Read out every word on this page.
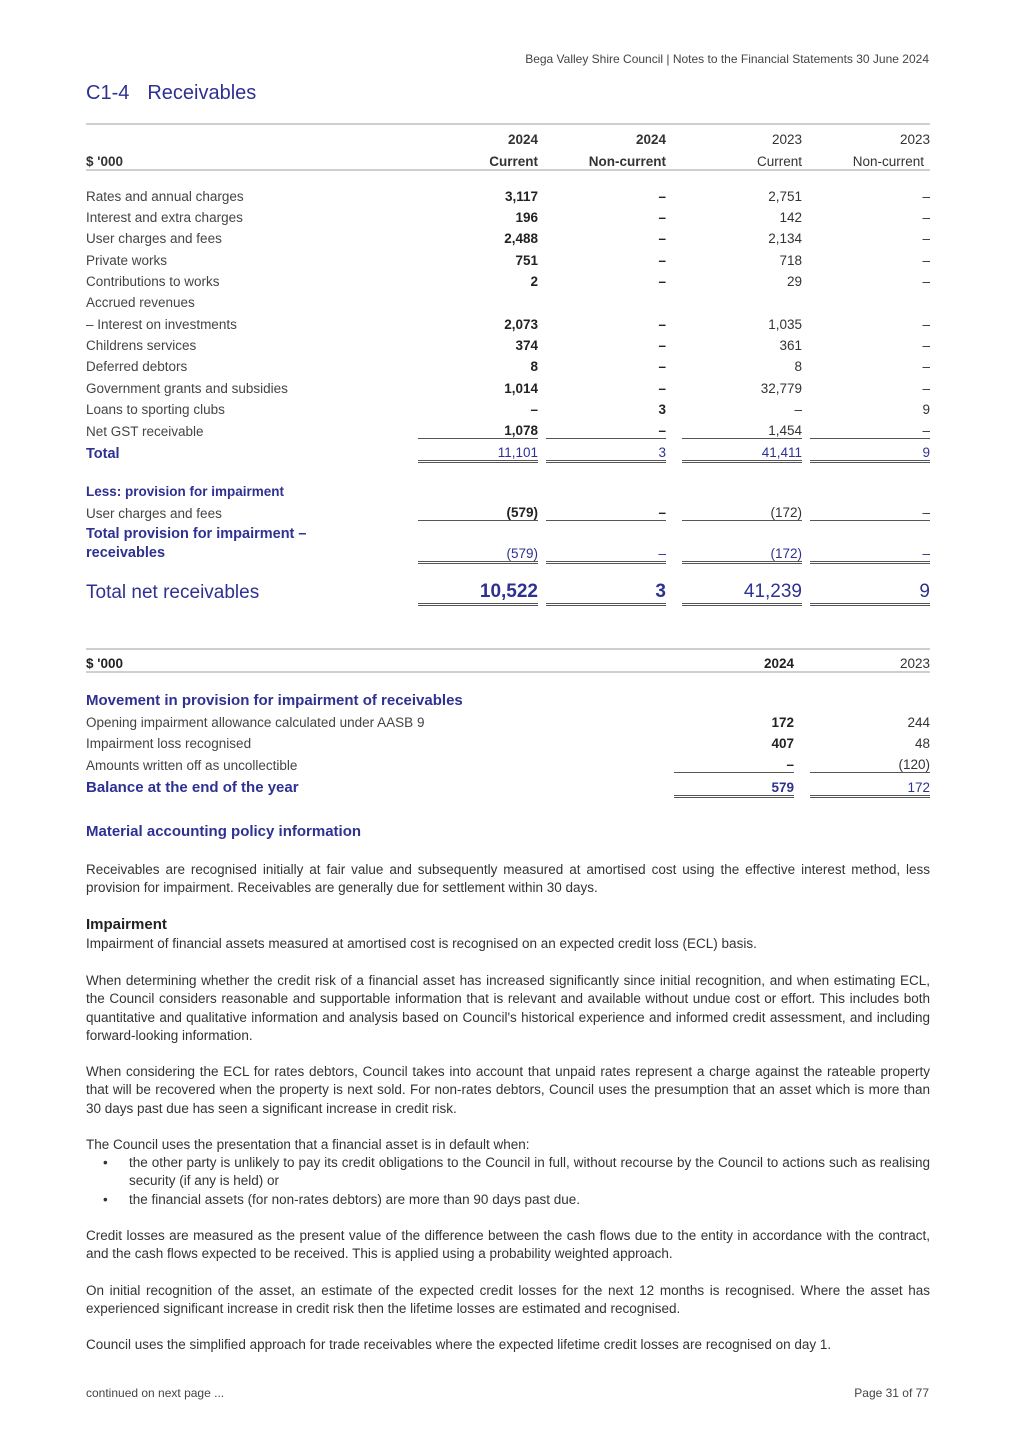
Bega Valley Shire Council | Notes to the Financial Statements 30 June 2024
C1-4 Receivables
	2024		2024		2023		2023
$ '000	Current		Non-current		Current		Non-current

Rates and annual charges	3,117		–		2,751		–
Interest and extra charges	196		–		142		–
User charges and fees	2,488		–		2,134		–
Private works	751		–		718		–
Contributions to works	2		–		29		–
Accrued revenues							
– Interest on investments	2,073		–		1,035		–
Childrens services	374		–		361		–
Deferred debtors	8		–		8		–
Government grants and subsidies	1,014		–		32,779		–
Loans to sporting clubs	–		3		–		9
Net GST receivable	1,078		–		1,454		–
Total	11,101		3		41,411		9

Less: provision for impairment							
User charges and fees	(579)		–		(172)		–
Total provision for impairment –
receivables	(579)		–		(172)		–

Total net receivables	10,522		3		41,239		9
$ '000	2024		2023

Movement in provision for impairment of receivables			
Opening impairment allowance calculated under AASB 9	172		244
Impairment loss recognised	407		48
Amounts written off as uncollectible	–		(120)
Balance at the end of the year	579		172
Material accounting policy information

Receivables are recognised initially at fair value and subsequently measured at amortised cost using the effective interest method, less provision for impairment. Receivables are generally due for settlement within 30 days.

Impairment

Impairment of financial assets measured at amortised cost is recognised on an expected credit loss (ECL) basis.

When determining whether the credit risk of a financial asset has increased significantly since initial recognition, and when estimating ECL, the Council considers reasonable and supportable information that is relevant and available without undue cost or effort. This includes both quantitative and qualitative information and analysis based on Council's historical experience and informed credit assessment, and including forward-looking information.

When considering the ECL for rates debtors, Council takes into account that unpaid rates represent a charge against the rateable property that will be recovered when the property is next sold. For non-rates debtors, Council uses the presumption that an asset which is more than 30 days past due has seen a significant increase in credit risk.

The Council uses the presentation that a financial asset is in default when:

• the other party is unlikely to pay its credit obligations to the Council in full, without recourse by the Council to actions such as realising security (if any is held) or
• the financial assets (for non-rates debtors) are more than 90 days past due.

Credit losses are measured as the present value of the difference between the cash flows due to the entity in accordance with the contract, and the cash flows expected to be received. This is applied using a probability weighted approach.

On initial recognition of the asset, an estimate of the expected credit losses for the next 12 months is recognised. Where the asset has experienced significant increase in credit risk then the lifetime losses are estimated and recognised.

Council uses the simplified approach for trade receivables where the expected lifetime credit losses are recognised on day 1.

continued on next page ...	Page 31 of 77
